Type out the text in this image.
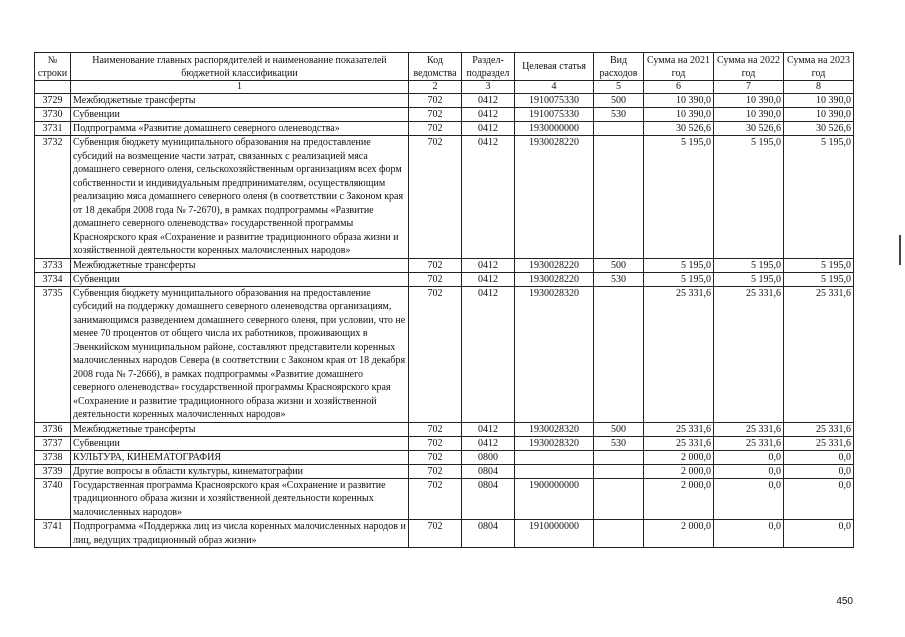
№ строки	Наименование главных распорядителей и наименование показателей бюджетной классификации	Код ведомства	Раздел-подраздел	Целевая статья	Вид расходов	Сумма на 2021 год	Сумма на 2022 год	Сумма на 2023 год
	1	2	3	4	5	6	7	8
3729	Межбюджетные трансферты	702	0412	1910075330	500	10 390,0	10 390,0	10 390,0
3730	Субвенции	702	0412	1910075330	530	10 390,0	10 390,0	10 390,0
3731	Подпрограмма «Развитие домашнего северного оленеводства»	702	0412	1930000000		30 526,6	30 526,6	30 526,6
3732	Субвенция бюджету муниципального образования на предоставление субсидий на возмещение части затрат, связанных с реализацией мяса домашнего северного оленя, сельскохозяйственным организациям всех форм собственности и индивидуальным предпринимателям, осуществляющим реализацию мяса домашнего северного оленя (в соответствии с Законом края от 18 декабря 2008 года № 7-2670), в рамках подпрограммы «Развитие домашнего северного оленеводства» государственной программы Красноярского края «Сохранение и развитие традиционного образа жизни и хозяйственной деятельности коренных малочисленных народов»	702	0412	1930028220		5 195,0	5 195,0	5 195,0
3733	Межбюджетные трансферты	702	0412	1930028220	500	5 195,0	5 195,0	5 195,0
3734	Субвенции	702	0412	1930028220	530	5 195,0	5 195,0	5 195,0
3735	Субвенция бюджету муниципального образования на предоставление субсидий на поддержку домашнего северного оленеводства организациям, занимающимся разведением домашнего северного оленя, при условии, что не менее 70 процентов от общего числа их работников, проживающих в Эвенкийском муниципальном районе, составляют представители коренных малочисленных народов Севера (в соответствии с Законом края от 18 декабря 2008 года № 7-2666), в рамках подпрограммы «Развитие домашнего северного оленеводства» государственной программы Красноярского края «Сохранение и развитие традиционного образа жизни и хозяйственной деятельности коренных малочисленных народов»	702	0412	1930028320		25 331,6	25 331,6	25 331,6
3736	Межбюджетные трансферты	702	0412	1930028320	500	25 331,6	25 331,6	25 331,6
3737	Субвенции	702	0412	1930028320	530	25 331,6	25 331,6	25 331,6
3738	КУЛЬТУРА, КИНЕМАТОГРАФИЯ	702	0800			2 000,0	0,0	0,0
3739	Другие вопросы в области культуры, кинематографии	702	0804			2 000,0	0,0	0,0
3740	Государственная программа Красноярского края «Сохранение и развитие традиционного образа жизни и хозяйственной деятельности коренных малочисленных народов»	702	0804	1900000000		2 000,0	0,0	0,0
3741	Подпрограмма «Поддержка лиц из числа коренных малочисленных народов и лиц, ведущих традиционный образ жизни»	702	0804	1910000000		2 000,0	0,0	0,0
450
